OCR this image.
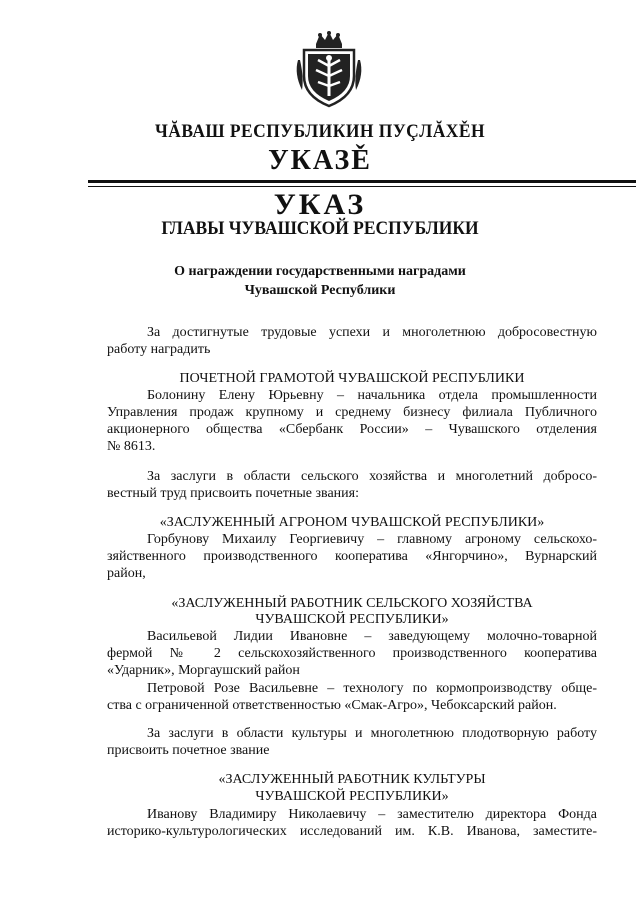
ЧĂВАШ РЕСПУБЛИКИН ПУÇЛĂХĚН
УКАЗĚ
УКАЗ
ГЛАВЫ ЧУВАШСКОЙ РЕСПУБЛИКИ
О награждении государственными наградами
Чувашской Республики
За достигнутые трудовые успехи и многолетнюю добросовестную
работу наградить
ПОЧЕТНОЙ ГРАМОТОЙ ЧУВАШСКОЙ РЕСПУБЛИКИ
Болонину Елену Юрьевну – начальника отдела промышленности
Управления продаж крупному и среднему бизнесу филиала Публичного
акционерного общества «Сбербанк России» – Чувашского отделения
№ 8613.
За заслуги в области сельского хозяйства и многолетний добросо-
вестный труд присвоить почетные звания:
«ЗАСЛУЖЕННЫЙ АГРОНОМ ЧУВАШСКОЙ РЕСПУБЛИКИ»
Горбунову Михаилу Георгиевичу – главному агроному сельскохо-
зяйственного производственного кооператива «Янгорчино», Вурнарский
район,
«ЗАСЛУЖЕННЫЙ РАБОТНИК СЕЛЬСКОГО ХОЗЯЙСТВА
ЧУВАШСКОЙ РЕСПУБЛИКИ»
Васильевой Лидии Ивановне – заведующему молочно-товарной
фермой № 2 сельскохозяйственного производственного кооператива
«Ударник», Моргаушский район
Петровой Розе Васильевне – технологу по кормопроизводству обще-
ства с ограниченной ответственностью «Смак-Агро», Чебоксарский район.
За заслуги в области культуры и многолетнюю плодотворную работу
присвоить почетное звание
«ЗАСЛУЖЕННЫЙ РАБОТНИК КУЛЬТУРЫ
ЧУВАШСКОЙ РЕСПУБЛИКИ»
Иванову Владимиру Николаевичу – заместителю директора Фонда
историко-культурологических исследований им. К.В. Иванова, заместите-
